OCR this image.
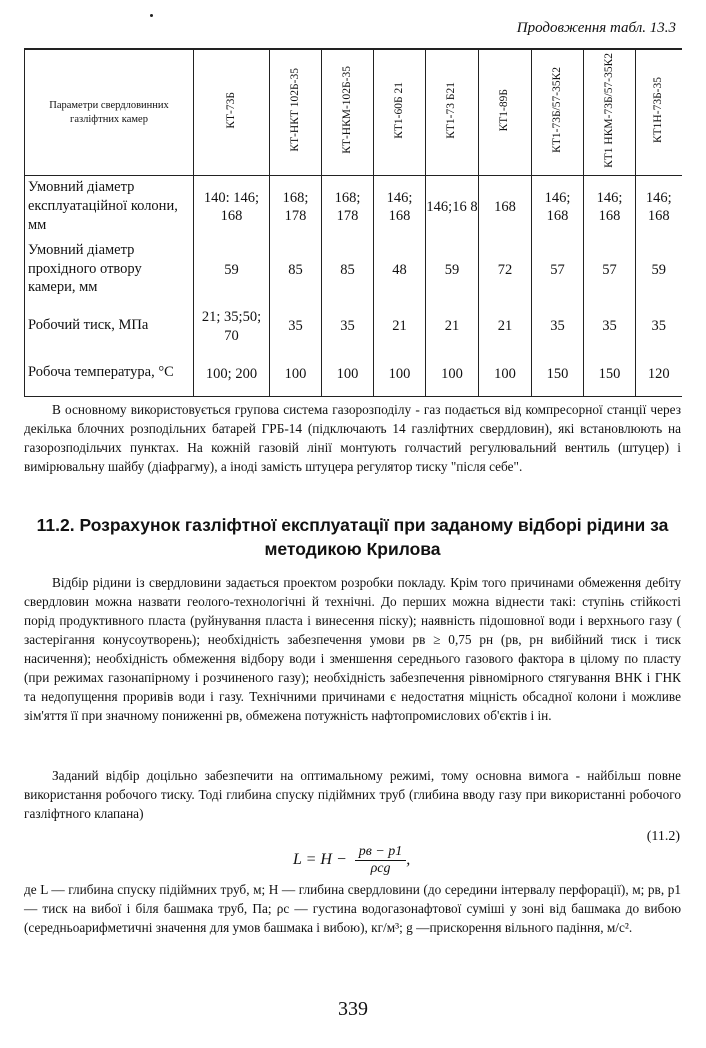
Продовження табл. 13.3
Параметри свердловинних газліфтних камер	КТ-73Б	КТ-НКТ 102Б-35	КТ-НКМ-102Б-35	КТ1-60Б 21	КТ1-73 Б21	КТ1-89Б	КТ1-73Б/57-35К2	КТ1 НКМ-73Б/57-35К2	КТ1Н-73Б-35
Умовний діаметр експлуатаційної колони, мм	140: 146; 168	168; 178	168; 178	146; 168	146;16 8	168	146; 168	146; 168	146; 168
Умовний діаметр прохідного отвору камери, мм	59	85	85	48	59	72	57	57	59
Робочий тиск, МПа	21; 35;50; 70	35	35	21	21	21	35	35	35
Робоча температура, °С	100; 200	100	100	100	100	100	150	150	120

В основному використовується групова система газорозподілу - газ подається від компресорної станції через декілька блочних розподільних батарей ГРБ-14 (підключають 14 газліфтних свердловин), які встановлюють на газорозподільчих пунктах. На кожній газовій лінії монтують голчастий регулювальний вентиль (штуцер) і вимірювальну шайбу (діафрагму), а іноді замість штуцера регулятор тиску "після себе".

11.2. Розрахунок газліфтної експлуатації при заданому відборі рідини за методикою Крилова

Відбір рідини із свердловини задається проектом розробки покладу. Крім того причинами обмеження дебіту свердловин можна назвати геолого-технологічні й технічні. До перших можна віднести такі: ступінь стійкості порід продуктивного пласта (руйнування пласта і винесення піску); наявність підошовної води і верхнього газу ( застерігання конусоутворень); необхідність забезпечення умови pв ≥ 0,75 pн (pв, pн вибійний тиск і тиск насичення); необхідність обмеження відбору води і зменшення середнього газового фактора в цілому по пласту (при режимах газонапірному і розчиненого газу); необхідність забезпечення рівномірного стягування ВНК і ГНК та недопущення проривів води і газу. Технічними причинами є недостатня міцність обсадної колони і можливе зім'яття її при значному пониженні pв, обмежена потужність нафтопромислових об'єктів і ін.

Заданий відбір доцільно забезпечити на оптимальному режимі, тому основна вимога - найбільш повне використання робочого тиску. Тоді глибина спуску підіймних труб (глибина вводу газу при використанні робочого газліфтного клапана)

(11.2)
$L = H - \frac{pв - p1}{\text{ρсg}}$ ,

де L — глибина спуску підіймних труб, м; H — глибина свердловини (до середини інтервалу перфорації), м; pв, p1 — тиск на вибої і біля башмака труб, Па; ρс — густина водогазонафтової суміші у зоні від башмака до вибою (середньоарифметичні значення для умов башмака і вибою), кг/м³; g —прискорення вільного падіння, м/с².

339
